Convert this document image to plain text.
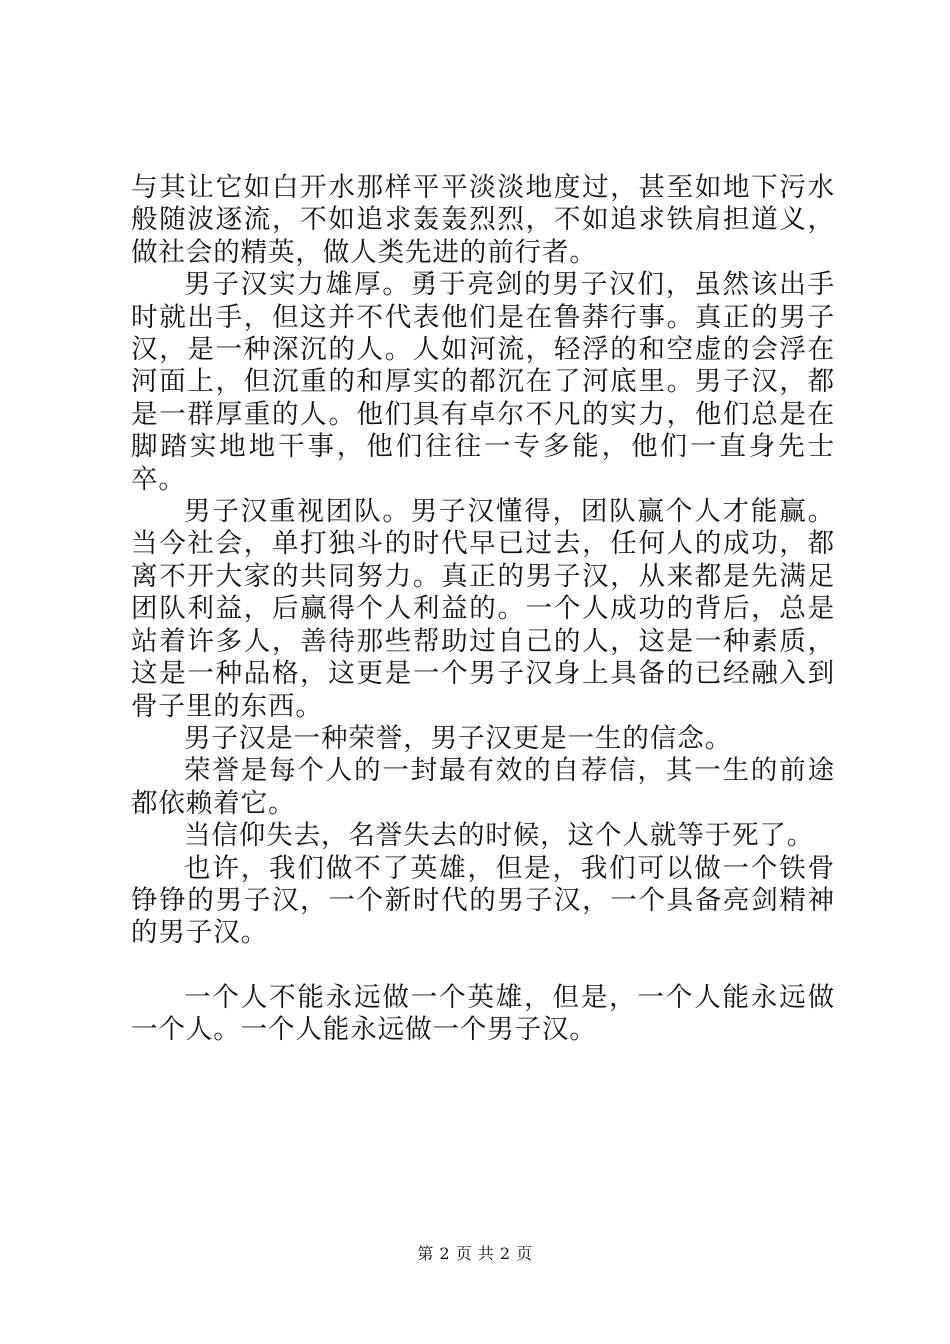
与其让它如白开水那样平平淡淡地度过，甚至如地下污水般随波逐流，不如追求轰轰烈烈，不如追求铁肩担道义，做社会的精英，做人类先进的前行者。

男子汉实力雄厚。勇于亮剑的男子汉们，虽然该出手时就出手，但这并不代表他们是在鲁莽行事。真正的男子汉，是一种深沉的人。人如河流，轻浮的和空虚的会浮在河面上，但沉重的和厚实的都沉在了河底里。男子汉，都是一群厚重的人。他们具有卓尔不凡的实力，他们总是在脚踏实地地干事，他们往往一专多能，他们一直身先士卒。

男子汉重视团队。男子汉懂得，团队赢个人才能赢。当今社会，单打独斗的时代早已过去，任何人的成功，都离不开大家的共同努力。真正的男子汉，从来都是先满足团队利益，后赢得个人利益的。一个人成功的背后，总是站着许多人，善待那些帮助过自己的人，这是一种素质，这是一种品格，这更是一个男子汉身上具备的已经融入到骨子里的东西。

男子汉是一种荣誉，男子汉更是一生的信念。

荣誉是每个人的一封最有效的自荐信，其一生的前途都依赖着它。

当信仰失去，名誉失去的时候，这个人就等于死了。

也许，我们做不了英雄，但是，我们可以做一个铁骨铮铮的男子汉，一个新时代的男子汉，一个具备亮剑精神的男子汉。

一个人不能永远做一个英雄，但是，一个人能永远做一个人。一个人能永远做一个男子汉。

第 2 页 共 2 页
